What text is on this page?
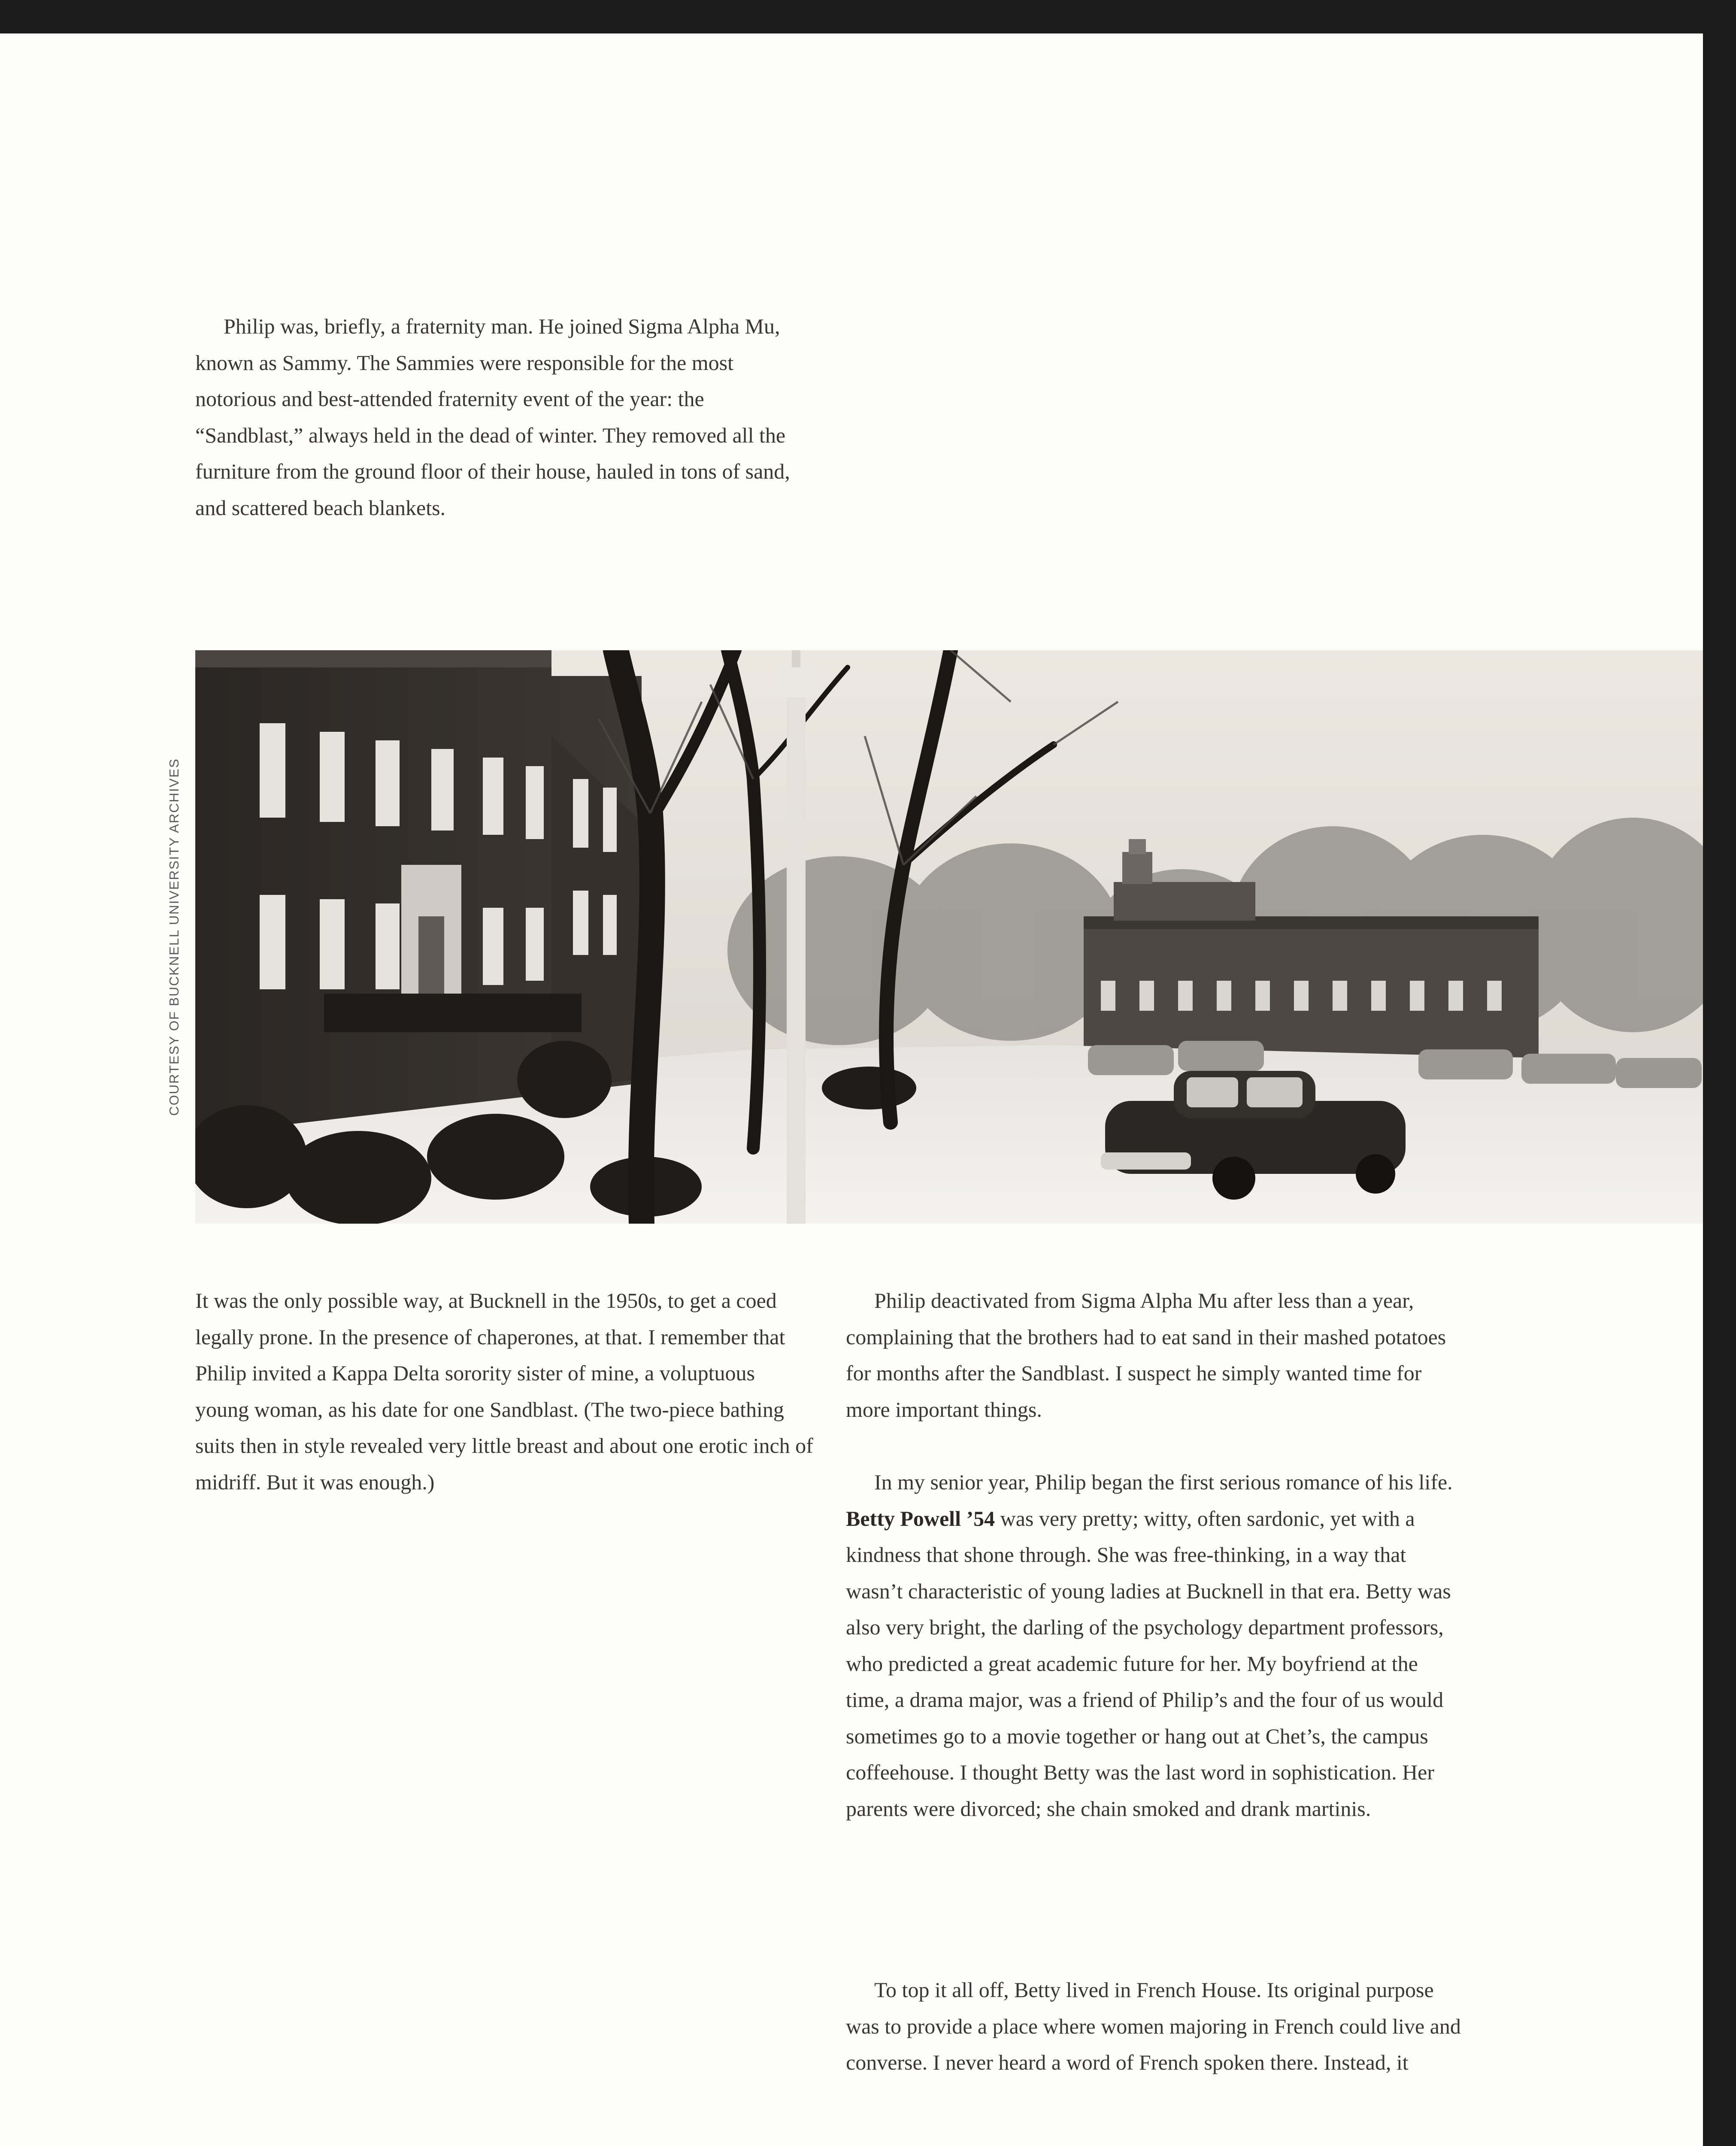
Philip was, briefly, a fraternity man. He joined Sigma Alpha Mu, known as Sammy. The Sammies were responsible for the most notorious and best-attended fraternity event of the year: the “Sandblast,” always held in the dead of winter. They removed all the furniture from the ground floor of their house, hauled in tons of sand, and scattered beach blankets.

COURTESY OF BUCKNELL UNIVERSITY ARCHIVES

It was the only possible way, at Bucknell in the 1950s, to get a coed legally prone. In the presence of chaperones, at that. I remember that Philip invited a Kappa Delta sorority sister of mine, a voluptuous young woman, as his date for one Sandblast. (The two-piece bathing suits then in style revealed very little breast and about one erotic inch of midriff. But it was enough.)

Philip deactivated from Sigma Alpha Mu after less than a year, complaining that the brothers had to eat sand in their mashed potatoes for months after the Sandblast. I suspect he simply wanted time for more important things.

In my senior year, Philip began the first serious romance of his life. Betty Powell ’54 was very pretty; witty, often sardonic, yet with a kindness that shone through. She was free-thinking, in a way that wasn’t characteristic of young ladies at Bucknell in that era. Betty was also very bright, the darling of the psychology department professors, who predicted a great academic future for her. My boyfriend at the time, a drama major, was a friend of Philip’s and the four of us would sometimes go to a movie together or hang out at Chet’s, the campus coffeehouse. I thought Betty was the last word in sophistication. Her parents were divorced; she chain smoked and drank martinis.

To top it all off, Betty lived in French House. Its original purpose was to provide a place where women majoring in French could live and converse. I never heard a word of French spoken there. Instead, it
